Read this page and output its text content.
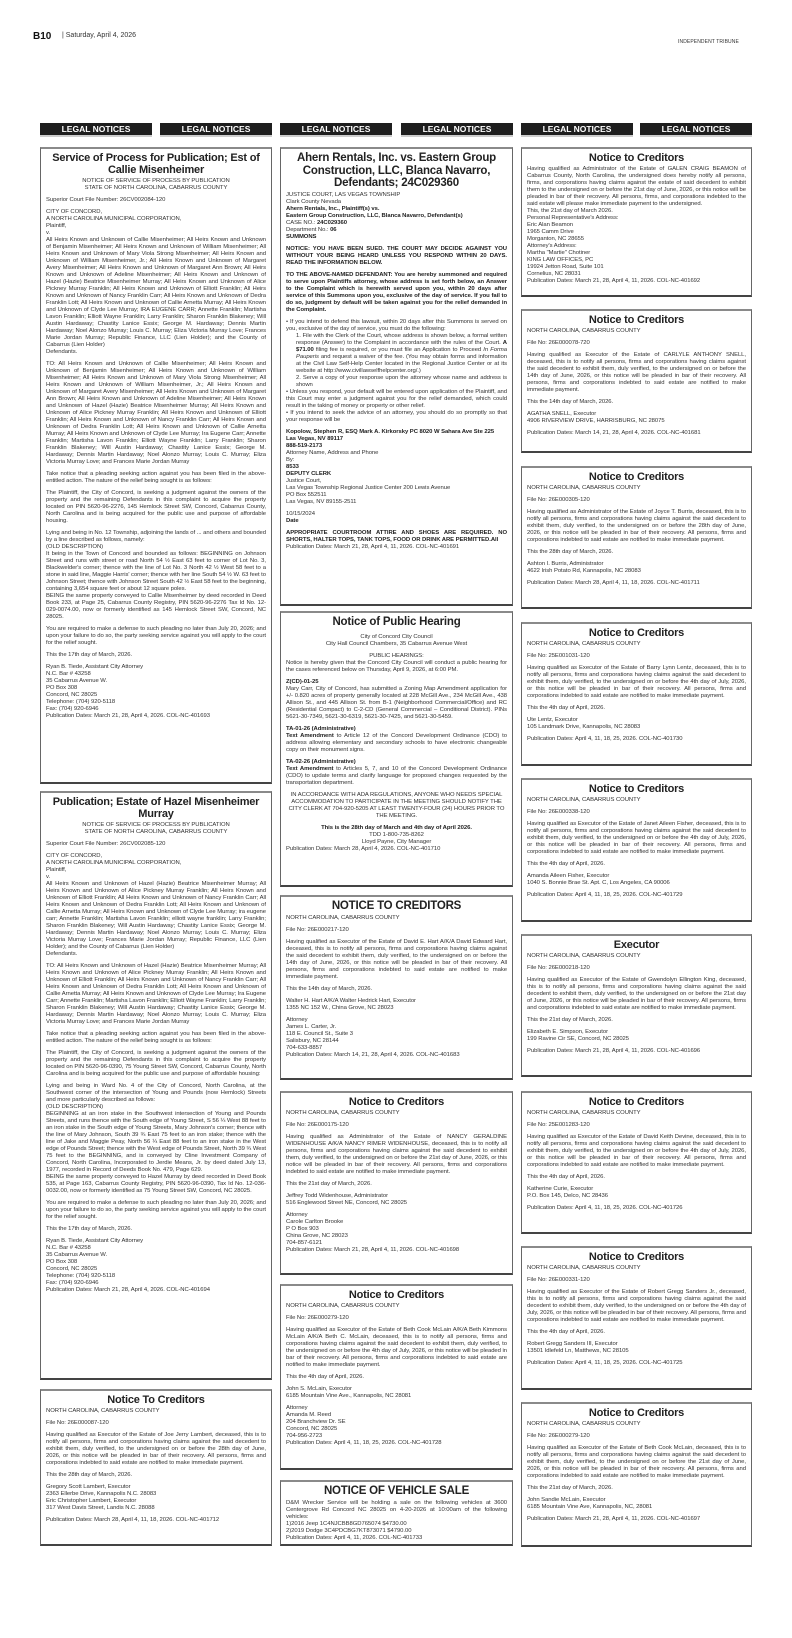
B10 | Saturday, April 4, 2026
INDEPENDENT TRIBUNE
LEGAL NOTICES	LEGAL NOTICES	LEGAL NOTICES	LEGAL NOTICES	LEGAL NOTICES	LEGAL NOTICES
Service of Process for Publication; Est of Callie Misenheimer
NOTICE OF SERVICE OF PROCESS BY PUBLICATION
STATE OF NORTH CAROLINA, CABARRUS COUNTY
Superior Court File Number: 26CV002084-120
CITY OF CONCORD,
A NORTH CAROLINA MUNICIPAL CORPORATION,
Plaintiff,
v.
All Heirs Known and Unknown of Callie Misenheimer; All Heirs Known and Unknown of Benjamin Misenheimer; All Heirs Known and Unknown of William Misenheimer; All Heirs Known and Unknown of Mary Viola Strong Misenheimer; All Heirs Known and Unknown of William Misenheimer, Jr.; All Heirs Known and Unknown of Margaret Avery Misenheimer; All Heirs Known and Unknown of Margaret Ann Brown; All Heirs Known and Unknown of Adeline Misenheimer; All Heirs Known and Unknown of Hazel (Hazie) Beatrice Misenheimer Murray; All Heirs Known and Unknown of Alice Pickney Murray Franklin; All Heirs Known and Unknown of Elliott Franklin; All Heirs Known and Unknown of Nancy Franklin Carr; All Heirs Known and Unknown of Dedra Franklin Lott; All Heirs Known and Unknown of Callie Arnetta Murray; All Heirs Known and Unknown of Clyde Lee Murray; IRA EUGENE CARR; Annette Franklin; Martisha Lavon Franklin; Elliott Wayne Franklin; Larry Franklin; Sharon Franklin Blakeney; Will Austin Hardaway; Chastity Lanice Essix; George M. Hardaway; Dennis Martin Hardaway; Noel Alonzo Murray; Louis C. Murray; Eliza Victoria Murray Love; Frances Marie Jordan Murray; Republic Finance, LLC (Lien Holder); and the County of Cabarrus (Lien Holder)
Defendants.
TO: All Heirs Known and Unknown of Callie Misenheimer; All Heirs Known and Unknown of Benjamin Misenheimer; All Heirs Known and Unknown of William Misenheimer; All Heirs Known and Unknown of Mary Viola Strong Misenheimer; All Heirs Known and Unknown of William Misenheimer, Jr.; All Heirs Known and Unknown of Margaret Avery Misenheimer; All Heirs Known and Unknown of Margaret Ann Brown; All Heirs Known and Unknown of Adeline Misenheimer; All Heirs Known and Unknown of Hazel (Hazie) Beatrice Misenheimer Murray; All Heirs Known and Unknown of Alice Pickney Murray Franklin; All Heirs Known and Unknown of Elliott Franklin; All Heirs Known and Unknown of Nancy Franklin Carr; All Heirs Known and Unknown of Dedra Franklin Lott; All Heirs Known and Unknown of Callie Arnetta Murray; All Heirs Known and Unknown of Clyde Lee Murray; Ira Eugene Carr; Annette Franklin; Martisha Lavon Franklin; Elliott Wayne Franklin; Larry Franklin; Sharon Franklin Blakeney; Will Austin Hardaway; Chastity Lanice Essix; George M. Hardaway; Dennis Martin Hardaway; Noel Alonzo Murray; Louis C. Murray; Eliza Victoria Murray Love; and Frances Marie Jordan Murray
Take notice that a pleading seeking action against you has been filed in the above-entitled action. The nature of the relief being sought is as follows:
The Plaintiff, the City of Concord, is seeking a judgment against the owners of the property and the remaining Defendants in this complaint to acquire the property located on PIN 5620-96-2276, 145 Hemlock Street SW, Concord, Cabarrus County, North Carolina and is being acquired for the public use and purpose of affordable housing.
Lying and being in No. 12 Township, adjoining the lands of ... and others and bounded by a line described as follows, namely:
(OLD DESCRIPTION)
It being in the Town of Concord and bounded as follows: BEGINNING on Johnson Street and runs with street or road North 54 ½ East 63 feet to corner of Lot No. 3, Blackwelder's corner; thence with the line of Lot No. 3 North 42 ½ West 58 feet to a stone in said line, Maggie Harris' corner; thence with her line South 54 ½ W. 63 feet to Johnson Street; thence with Johnson Street South 42 ½ East 58 feet to the beginning, containing 3,654 square feet or about 12 square poles.
BEING the same property conveyed to Callie Misenheimer by deed recorded in Deed Book 233, at Page 25, Cabarrus County Registry, PIN 5620-96-2276 Tax Id No. 12-029-0074.00, now or formerly identified as 145 Hemlock Street SW, Concord, NC 28025.
You are required to make a defense to such pleading no later than July 20, 2026; and upon your failure to do so, the party seeking service against you will apply to the court for the relief sought.
This the 17th day of March, 2026.
Ryan B. Tiede, Assistant City Attorney
N.C. Bar # 43258
35 Cabarrus Avenue W.
PO Box 308
Concord, NC 28025
Telephone: (704) 920-5118
Fax: (704) 920-6946
Publication Dates: March 21, 28, April 4, 2026. COL-NC-401693
Publication; Estate of Hazel Misenheimer Murray
NOTICE OF SERVICE OF PROCESS BY PUBLICATION
STATE OF NORTH CAROLINA, CABARRUS COUNTY
Superior Court File Number: 26CV002085-120
CITY OF CONCORD,
A NORTH CAROLINA MUNICIPAL CORPORATION,
Plaintiff,
v.
All Heirs Known and Unknown of Hazel (Hazie) Beatrice Misenheimer Murray; All Heirs Known and Unknown of Alice Pickney Murray Franklin; All Heirs Known and Unknown of Elliott Franklin; All Heirs Known and Unknown of Nancy Franklin Carr; All Heirs Known and Unknown of Dedra Franklin Lott; All Heirs Known and Unknown of Callie Arnetta Murray; All Heirs Known and Unknown of Clyde Lee Murray; ira eugene carr; Annette Franklin; Martisha Lavon Franklin; elliott wayne franklin; Larry Franklin; Sharon Franklin Blakeney; Will Austin Hardaway; Chastity Lanice Essix; George M. Hardaway; Dennis Martin Hardaway; Noel Alonzo Murray; Louis C. Murray; Eliza Victoria Murray Love; Frances Marie Jordan Murray; Republic Finance, LLC (Lien Holder); and the County of Cabarrus (Lien Holder)
Defendants.
TO: All Heirs Known and Unknown of Hazel (Hazie) Beatrice Misenheimer Murray; All Heirs Known and Unknown of Alice Pickney Murray Franklin; All Heirs Known and Unknown of Elliott Franklin; All Heirs Known and Unknown of Nancy Franklin Carr; All Heirs Known and Unknown of Dedra Franklin Lott; All Heirs Known and Unknown of Callie Arnetta Murray; All Heirs Known and Unknown of Clyde Lee Murray; Ira Eugene Carr; Annette Franklin; Martisha Lavon Franklin; Elliott Wayne Franklin; Larry Franklin; Sharon Franklin Blakeney; Will Austin Hardaway; Chastity Lanice Essix; George M. Hardaway; Dennis Martin Hardaway; Noel Alonzo Murray; Louis C. Murray; Eliza Victoria Murray Love; and Frances Marie Jordan Murray
Take notice that a pleading seeking action against you has been filed in the above-entitled action. The nature of the relief being sought is as follows:
The Plaintiff, the City of Concord, is seeking a judgment against the owners of the property and the remaining Defendants in this complaint to acquire the property located on PIN 5620-96-0390, 75 Young Street SW, Concord, Cabarrus County, North Carolina and is being acquired for the public use and purpose of affordable housing:
Lying and being in Ward No. 4 of the City of Concord, North Carolina, at the Southwest corner of the intersection of Young and Pounds (now Hemlock) Streets and more particularly described as follows:
(OLD DESCRIPTION)
BEGINNING at an iron stake in the Southwest intersection of Young and Pounds Streets, and runs thence with the South edge of Young Street, S 56 ¼ West 88 feet to an iron stake in the South edge of Young Streets, Mary Johnson's corner; thence with the line of Mary Johnson, South 39 ¾ East 75 feet to an iron stake; thence with the line of Jake and Maggie Peay, North 56 ¼ East 88 feet to an iron stake in the West edge of Pounds Street; thence with the West edge of Pounds Street, North 39 ¾ West 75 feet to the BEGINNING, and is conveyed by Cline Investment Company of Concord, North Carolina, Incorporated to Jerdie Means, Jr. by deed dated July 13, 1977, recorded in Record of Deeds Book No. 479, Page 629.
BEING the same property conveyed to Hazel Murray by deed recorded in Deed Book 535, at Page 163, Cabarrus County Registry, PIN 5620-96-0390, Tax Id No. 12-036-0032.00, now or formerly identified as 75 Young Street SW, Concord, NC 28025.
You are required to make a defense to such pleading no later than July 20, 2026; and upon your failure to do so, the party seeking service against you will apply to the court for the relief sought.
This the 17th day of March, 2026.
Ryan B. Tiede, Assistant City Attorney
N.C. Bar # 43258
35 Cabarrus Avenue W.
PO Box 308
Concord, NC 28025
Telephone: (704) 920-5118
Fax: (704) 920-6946
Publication Dates: March 21, 28, April 4, 2026. COL-NC-401694
Notice To Creditors
NORTH CAROLINA, CABARRUS COUNTY
File No: 26E000087-120
Having qualified as Executor of the Estate of Joe Jerry Lambert, deceased, this is to notify all persons, firms and corporations having claims against the said decedent to exhibit them, duly verified, to the undersigned on or before the 28th day of June, 2026, or this notice will be pleaded in bar of their recovery. All persons, firms and corporations indebted to said estate are notified to make immediate payment.
This the 28th day of March, 2026.
Gregory Scott Lambert, Executor
2363 Ellerbe Drive, Kannapolis N.C. 28083
Eric Christopher Lambert, Executor
317 West Davis Street, Landis N.C. 28088
Publication Dates: March 28, April 4, 11, 18, 2026. COL-NC-401712
Ahern Rentals, Inc. vs. Eastern Group Construction, LLC, Blanca Navarro, Defendants; 24C029360
JUSTICE COURT, LAS VEGAS TOWNSHIP
Clark County Nevada
Ahern Rentals, Inc., Plaintiff(s) vs.
Eastern Group Construction, LLC, Blanca Navarro, Defendant(s)
CASE NO.: 24C029360
Department No.: 06
SUMMONS
NOTICE: YOU HAVE BEEN SUED. THE COURT MAY DECIDE AGAINST YOU WITHOUT YOUR BEING HEARD UNLESS YOU RESPOND WITHIN 20 DAYS. READ THE INFORMATION BELOW.
TO THE ABOVE-NAMED DEFENDANT: You are hereby summoned and required to serve upon Plaintiffs attorney, whose address is set forth below, an Answer to the Complaint which is herewith served upon you, within 20 days after service of this Summons upon you, exclusive of the day of service. If you fail to do so, judgment by default will be taken against you for the relief demanded in the Complaint.
• If you intend to defend this lawsuit, within 20 days after this Summons is served on you, exclusive of the day of service, you must do the following:
1. File with the Clerk of the Court, whose address is shown below, a formal written response (Answer) to the Complaint in accordance with the rules of the Court. A $71.00 filing fee is required, or you must file an Application to Proceed In Forma Pauperis and request a waiver of the fee. (You may obtain forms and information at the Civil Law Self-Help Center located in the Regional Justice Center or at its website at http://www.civillawselfhelpcenter.org/.)
2. Serve a copy of your response upon the attorney whose name and address is shown
• Unless you respond, your default will be entered upon application of the Plaintiff, and this Court may enter a judgment against you for the relief demanded, which could result in the taking of money or property or other relief.
• If you intend to seek the advice of an attorney, you should do so promptly so that your response will be
Kopolow, Stephen R, ESQ Mark A. Kirkorsky PC 8020 W Sahara Ave Ste 225
Las Vegas, NV 89117
888-519-2173
Attorney Name, Address and Phone
By:
8533
DEPUTY CLERK
Justice Court,
Las Vegas Township Regional Justice Center 200 Lewis Avenue
PO Box 552511
Las Vegas, NV 89155-2511
10/15/2024
Date
APPROPRIATE COURTROOM ATTIRE AND SHOES ARE REQUIRED. NO SHORTS, HALTER TOPS, TANK TOPS, FOOD OR DRINK ARE PERMITTED.All
Publication Dates: March 21, 28, April 4, 11, 2026. COL-NC-401691
Notice of Public Hearing
City of Concord City Council
City Hall Council Chambers, 35 Cabarrus Avenue West
PUBLIC HEARINGS:
Notice is hereby given that the Concord City Council will conduct a public hearing for the cases referenced below on Thursday, April 9, 2026, at 6:00 PM.
Z(CD)-01-25
Mary Carr, City of Concord, has submitted a Zoning Map Amendment application for +/- 0.820 acres of property generally located at 228 McGill Ave., 234 McGill Ave., 438 Allison St., and 445 Allison St. from B-1 (Neighborhood Commercial/Office) and RC (Residential Compact) to C-2-CD (General Commercial – Conditional District). PINs 5621-30-7349, 5621-30-6319, 5621-30-7425, and 5621-30-5459.
TA-01-26 (Administrative)
Text Amendment to Article 12 of the Concord Development Ordinance (CDO) to address allowing elementary and secondary schools to have electronic changeable copy on their monument signs.
TA-02-26 (Administrative)
Text Amendment to Articles 5, 7, and 10 of the Concord Development Ordinance (CDO) to update terms and clarify language for proposed changes requested by the transportation department.
IN ACCORDANCE WITH ADA REGULATIONS, ANYONE WHO NEEDS SPECIAL ACCOMMODATION TO PARTICIPATE IN THE MEETING SHOULD NOTIFY THE CITY CLERK AT 704-920-5205 AT LEAST TWENTY-FOUR (24) HOURS PRIOR TO THE MEETING.
This is the 28th day of March and 4th day of April 2026.
TDD 1-800-735-8262
Lloyd Payne, City Manager
Publication Dates: March 28, April 4, 2026. COL-NC-401710
NOTICE TO CREDITORS
NORTH CAROLINA, CABARRUS COUNTY
File No: 26E000217-120
Having qualified as Executor of the Estate of David E. Hart A/K/A David Edward Hart, deceased, this is to notify all persons, firms and corporations having claims against the said decedent to exhibit them, duly verified, to the undersigned on or before the 14th day of June, 2026, or this notice will be pleaded in bar of their recovery. All persons, firms and corporations indebted to said estate are notified to make immediate payment.
This the 14th day of March, 2026.
Walter H. Hart A/K/A Walter Hedrick Hart, Executor
1355 NC 152 W., China Grove, NC 28023
Attorney
James L. Carter, Jr.
118 E. Council St., Suite 3
Salisbury, NC 28144
704-633-8857
Publication Dates: March 14, 21, 28, April 4, 2026. COL-NC-401683
Notice to Creditors
NORTH CAROLINA, CABARRUS COUNTY
File No: 26E000175-120
Having qualified as Administrator of the Estate of NANCY GERALDINE WIDENHOUSE A/K/A NANCY RIMER WIDENHOUSE, deceased, this is to notify all persons, firms and corporations having claims against the said decedent to exhibit them, duly verified, to the undersigned on or before the 21st day of June, 2026, or this notice will be pleaded in bar of their recovery. All persons, firms and corporations indebted to said estate are notified to make immediate payment.
This the 21st day of March, 2026.
Jeffrey Todd Widenhouse, Administrator
516 Englewood Street NE, Concord, NC 28025
Attorney
Carole Carlton Brooke
P O Box 903
China Grove, NC 28023
704-857-6121
Publication Dates: March 21, 28, April 4, 11, 2026. COL-NC-401698
Notice to Creditors
NORTH CAROLINA, CABARRUS COUNTY
File No: 26E000279-120
Having qualified as Executor of the Estate of Beth Cook McLain A/K/A Beth Kimmons McLain A/K/A Beth C. McLain, deceased, this is to notify all persons, firms and corporations having claims against the said decedent to exhibit them, duly verified, to the undersigned on or before the 4th day of July, 2026, or this notice will be pleaded in bar of their recovery. All persons, firms and corporations indebted to said estate are notified to make immediate payment.
This the 4th day of April, 2026.
John S. McLain, Executor
6185 Mountain Vine Ave., Kannapolis, NC 28081
Attorney
Amanda M. Reed
204 Branchview Dr. SE
Concord, NC 28025
704-956-2723
Publication Dates: April 4, 11, 18, 25, 2026. COL-NC-401728
NOTICE OF VEHICLE SALE
D&M Wrecker Service will be holding a sale on the following vehicles at 3600 Centergrove Rd Concord NC 28025 on 4-20-2026 at 10:00am of the following vehicles:
1)2016 Jeep 1C4NJCBB8GD765074 $4730.00
2)2019 Dodge 3C4PDCBG7KT873071 $4790.00
Publication Dates: April 4, 11, 2026. COL-NC-401733
Notice to Creditors
Having qualified as Administrator of the Estate of GALEN CRAIG BEAMON of Cabarrus County, North Carolina, the undersigned does hereby notify all persons, firms, and corporations having claims against the estate of said decedent to exhibit them to the undersigned on or before the 21st day of June, 2026, or this notice will be pleaded in bar of their recovery. All persons, firms, and corporations indebted to the said estate will please make immediate payment to the undersigned.
This, the 21st day of March 2026.
Personal Representative's Address:
Eric Alan Beamon
1965 Camm Drive
Morganton, NC 28655
Attorney's Address:
Martha "Martie" Chotiner
KING LAW OFFICES, PC
19924 Jetton Road, Suite 101
Cornelius, NC 28031
Publication Dates: March 21, 28, April 4, 11, 2026. COL-NC-401692
Notice to Creditors
NORTH CAROLINA, CABARRUS COUNTY
File No: 26E000078-720
Having qualified as Executor of the Estate of CARLYLE ANTHONY SNELL, deceased, this is to notify all persons, firms and corporations having claims against the said decedent to exhibit them, duly verified, to the undersigned on or before the 14th day of June, 2026, or this notice will be pleaded in bar of their recovery. All persons, firms and corporations indebted to said estate are notified to make immediate payment.
This the 14th day of March, 2026.
AGATHA SNELL, Executor
4906 RIVERVIEW DRIVE, HARRISBURG, NC 28075
Publication Dates: March 14, 21, 28, April 4, 2026. COL-NC-401681
Notice to Creditors
NORTH CAROLINA, CABARRUS COUNTY
File No: 26E000305-120
Having qualified as Administrator of the Estate of Joyce T. Burris, deceased, this is to notify all persons, firms and corporations having claims against the said decedent to exhibit them, duly verified, to the undersigned on or before the 28th day of June, 2026, or this notice will be pleaded in bar of their recovery. All persons, firms and corporations indebted to said estate are notified to make immediate payment.
This the 28th day of March, 2026.
Ashton I. Burris, Administrator
4622 Irish Potato Rd, Kannapolis, NC 28083
Publication Dates: March 28, April 4, 11, 18, 2026. COL-NC-401711
Notice to Creditors
NORTH CAROLINA, CABARRUS COUNTY
File No: 25E001031-120
Having qualified as Executor of the Estate of Barry Lynn Lentz, deceased, this is to notify all persons, firms and corporations having claims against the said decedent to exhibit them, duly verified, to the undersigned on or before the 4th day of July, 2026, or this notice will be pleaded in bar of their recovery. All persons, firms and corporations indebted to said estate are notified to make immediate payment.
This the 4th day of April, 2026.
Ute Lentz, Executor
105 Landmark Drive, Kannapolis, NC 28083
Publication Dates: April 4, 11, 18, 25, 2026. COL-NC-401730
Notice to Creditors
NORTH CAROLINA, CABARRUS COUNTY
File No: 26E000338-120
Having qualified as Executor of the Estate of Janet Aileen Fisher, deceased, this is to notify all persons, firms and corporations having claims against the said decedent to exhibit them, duly verified, to the undersigned on or before the 4th day of July, 2026, or this notice will be pleaded in bar of their recovery. All persons, firms and corporations indebted to said estate are notified to make immediate payment.
This the 4th day of April, 2026.
Amanda Aileen Fisher, Executor
1040 S. Bonnie Brae St. Apt. C, Los Angeles, CA 90006
Publication Dates: April 4, 11, 18, 25, 2026. COL-NC-401729
Executor
NORTH CAROLINA, CABARRUS COUNTY
File No: 26E000218-120
Having qualified as Executor of the Estate of Gwendolyn Ellington King, deceased, this is to notify all persons, firms and corporations having claims against the said decedent to exhibit them, duly verified, to the undersigned on or before the 21st day of June, 2026, or this notice will be pleaded in bar of their recovery. All persons, firms and corporations indebted to said estate are notified to make immediate payment.
This the 21st day of March, 2026.
Elizabeth E. Simpson, Executor
199 Ravine Cir SE, Concord, NC 28025
Publication Dates: March 21, 28, April 4, 11, 2026. COL-NC-401696
Notice to Creditors
NORTH CAROLINA, CABARRUS COUNTY
File No: 25E001283-120
Having qualified as Executor of the Estate of David Keith Devine, deceased, this is to notify all persons, firms and corporations having claims against the said decedent to exhibit them, duly verified, to the undersigned on or before the 4th day of July, 2026, or this notice will be pleaded in bar of their recovery. All persons, firms and corporations indebted to said estate are notified to make immediate payment.
This the 4th day of April, 2026.
Katherine Curie, Executor
P.O. Box 145, Delco, NC 28436
Publication Dates: April 4, 11, 18, 25, 2026. COL-NC-401726
Notice to Creditors
NORTH CAROLINA, CABARRUS COUNTY
File No: 26E000331-120
Having qualified as Executor of the Estate of Robert Gregg Sanders Jr., deceased, this is to notify all persons, firms and corporations having claims against the said decedent to exhibit them, duly verified, to the undersigned on or before the 4th day of July, 2026, or this notice will be pleaded in bar of their recovery. All persons, firms and corporations indebted to said estate are notified to make immediate payment.
This the 4th day of April, 2026.
Robert Gregg Sanders III, Executor
13501 Idlefeld Ln, Matthews, NC 28105
Publication Dates: April 4, 11, 18, 25, 2026. COL-NC-401725
Notice to Creditors
NORTH CAROLINA, CABARRUS COUNTY
File No: 26E000279-120
Having qualified as Executor of the Estate of Beth Cook McLain, deceased, this is to notify all persons, firms and corporations having claims against the said decedent to exhibit them, duly verified, to the undersigned on or before the 21st day of June, 2026, or this notice will be pleaded in bar of their recovery. All persons, firms and corporations indebted to said estate are notified to make immediate payment.
This the 21st day of March, 2026.
John Sandie McLain, Executor
6185 Mountain Vine Ave, Kannapolis, NC, 28081
Publication Dates: March 21, 28, April 4, 11, 2026. COL-NC-401697
